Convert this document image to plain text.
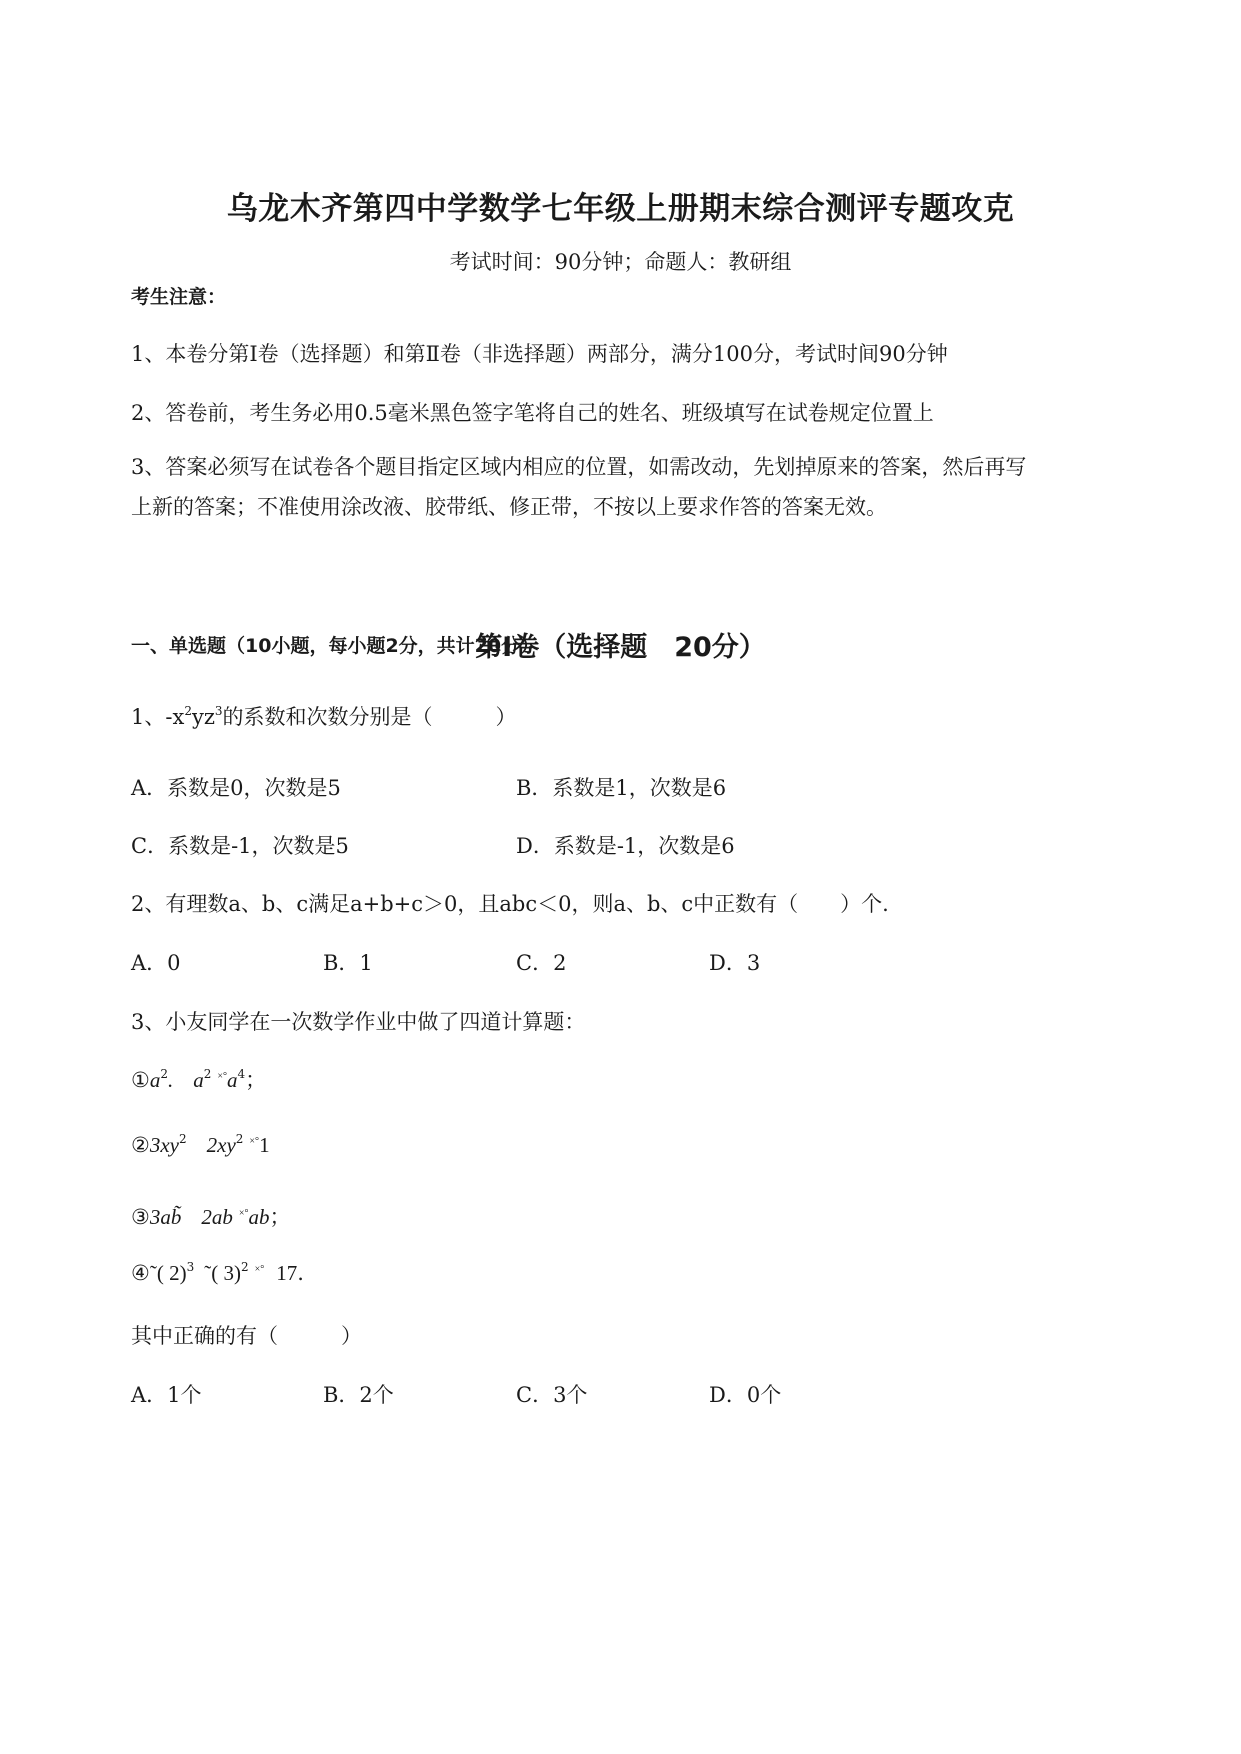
乌龙木齐第四中学数学七年级上册期末综合测评专题攻克
考试时间：90分钟；命题人：教研组
考生注意：
1、本卷分第Ⅰ卷（选择题）和第Ⅱ卷（非选择题）两部分，满分100分，考试时间90分钟
2、答卷前，考生务必用0.5毫米黑色签字笔将自己的姓名、班级填写在试卷规定位置上
3、答案必须写在试卷各个题目指定区域内相应的位置，如需改动，先划掉原来的答案，然后再写上新的答案；不准使用涂改液、胶带纸、修正带，不按以上要求作答的答案无效。
第Ⅰ卷（选择题　20分）
一、单选题（10小题，每小题2分，共计20分）
1、$-x^2yz^3$的系数和次数分别是（　　　）
A．系数是0，次数是5	B．系数是1，次数是6
C．系数是-1，次数是5	D．系数是-1，次数是6
2、有理数a、b、c满足a+b+c＞0，且abc＜0，则a、b、c中正数有（　　）个.
A．0	B．1	C．2	D．3
3、小友同学在一次数学作业中做了四道计算题：
$①a^2$. $a^2$ $^{\times^\circ}a^4$；
$②3xy^2$ $2xy^2$ ×°1
③3ab 2ab ×°ab；
④˜( 2)$^3$ ˜( 3)$^2$ ×° 17.
其中正确的有（　　　）
A．1个	B．2个	C．3个	D．0个
